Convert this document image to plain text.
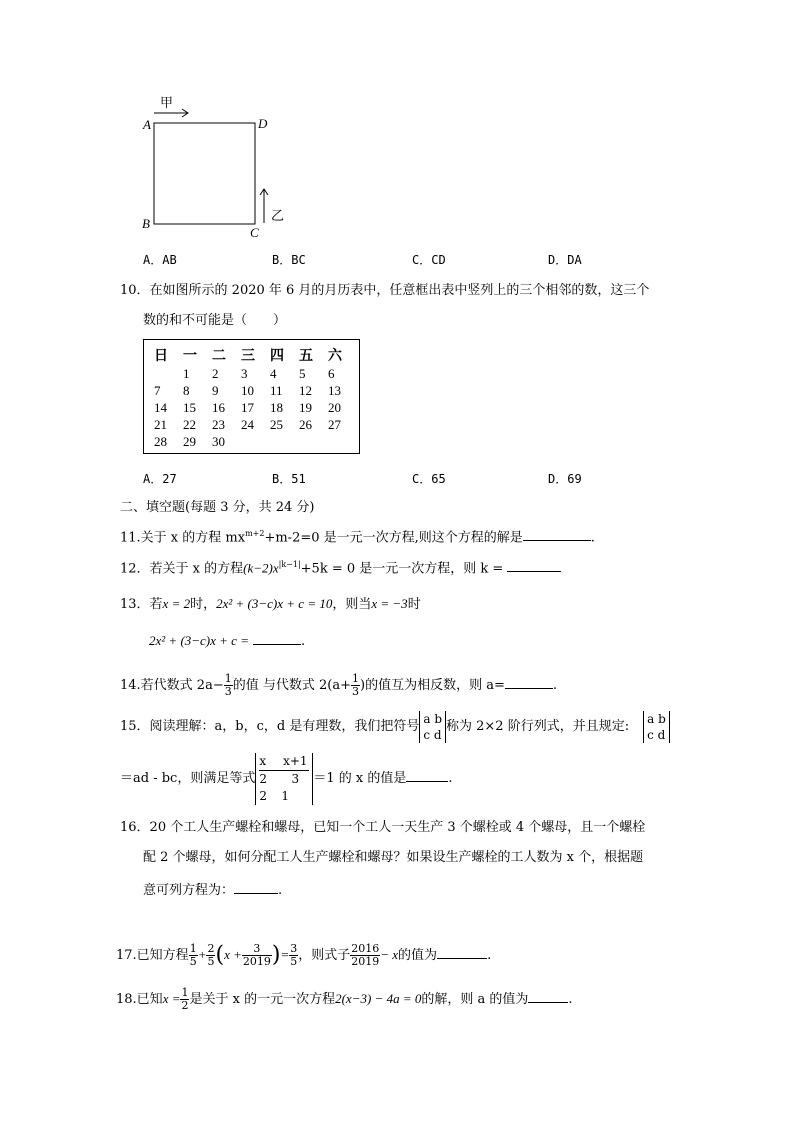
A	D
B
C
甲
乙
A．AB	B．BC	C．CD	D．DA
10．在如图所示的 2020 年 6 月的月历表中，任意框出表中竖列上的三个相邻的数，这三个
数的和不可能是（　　）
日	一	二	三	四	五	六
	1	2	3	4	5	6
7	8	9	10	11	12	13
14	15	16	17	18	19	20
21	22	23	24	25	26	27
28	29	30				
A．27	B．51	C．65	D．69
二、填空题(每题 3 分，共 24 分)
11.关于 x 的方程 $mx^{m+2}+m-2=0$ 是一元一次方程,则这个方程的解是	.
12．若关于 x 的方程$(k-2)x^{|k-1|}+5k = 0$ 是一元一次方程，则 k =
13．若x = 2时，2x² + (3−c)x + c = 10，则当x = −3时
2x² + (3−c)x + c =	.
14.若代数式 $2a- \frac{1}{3}$ 的值 与代数式 $2(a+ \frac{1}{3}$ )的值互为相反数，则 a=	.
15．阅读理解：a，b，c，d 是有理数，我们把符号
a b
c d
称为 2×2 阶行列式，并且规定:
a b
c d
＝ad - bc，则满足等式
x x+1
2 3
2 1
＝1 的 x 的值是	.
16．20 个工人生产螺栓和螺母，已知一个工人一天生产 3 个螺栓或 4 个螺母，且一个螺栓
配 2 个螺母，如何分配工人生产螺栓和螺母？如果设生产螺栓的工人数为 x 个，根据题
意可列方程为：	.
17.已知方程 $\frac{1}{5} + \frac{2}{5} (x + \frac{3}{2019}$ )= $\frac{3}{5}$ ，则式子 $\frac{2016}{2019} - x$的值为	.
18.已知$x = \frac{1}{2}$ 是关于 x 的一元一次方程2(x−3) − 4a = 0的解，则 a 的值为	.
